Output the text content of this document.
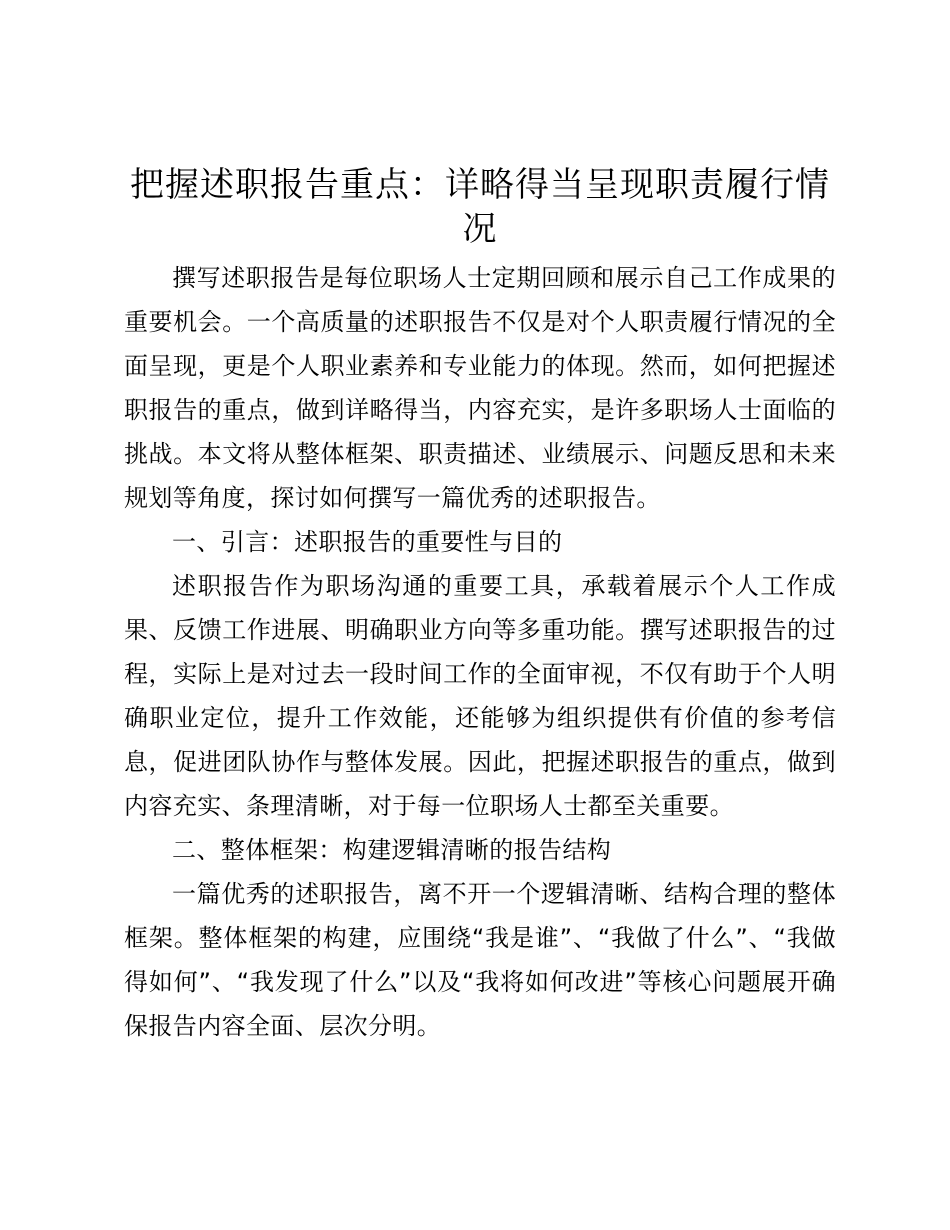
把握述职报告重点：详略得当呈现职责履行情况

撰写述职报告是每位职场人士定期回顾和展示自己工作成果的重要机会。一个高质量的述职报告不仅是对个人职责履行情况的全面呈现，更是个人职业素养和专业能力的体现。然而，如何把握述职报告的重点，做到详略得当，内容充实，是许多职场人士面临的挑战。本文将从整体框架、职责描述、业绩展示、问题反思和未来规划等角度，探讨如何撰写一篇优秀的述职报告。

一、引言：述职报告的重要性与目的

述职报告作为职场沟通的重要工具，承载着展示个人工作成果、反馈工作进展、明确职业方向等多重功能。撰写述职报告的过程，实际上是对过去一段时间工作的全面审视，不仅有助于个人明确职业定位，提升工作效能，还能够为组织提供有价值的参考信息，促进团队协作与整体发展。因此，把握述职报告的重点，做到内容充实、条理清晰，对于每一位职场人士都至关重要。

二、整体框架：构建逻辑清晰的报告结构

一篇优秀的述职报告，离不开一个逻辑清晰、结构合理的整体框架。整体框架的构建，应围绕“我是谁”、“我做了什么”、“我做得如何”、“我发现了什么”以及“我将如何改进”等核心问题展开确保报告内容全面、层次分明。
